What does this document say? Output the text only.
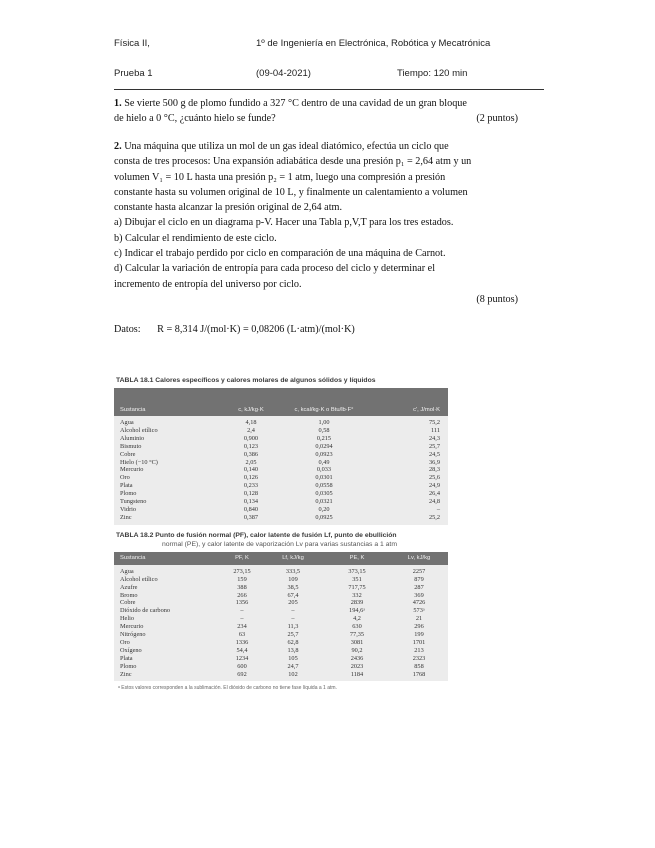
Física II,	1º de Ingeniería en Electrónica, Robótica y Mecatrónica
Prueba 1	(09-04-2021)	Tiempo: 120 min
1. Se vierte 500 g de plomo fundido a 327 °C dentro de una cavidad de un gran bloque
de hielo a 0 °C, ¿cuánto hielo se funde?	(2 puntos)
2. Una máquina que utiliza un mol de un gas ideal diatómico, efectúa un ciclo que
consta de tres procesos: Una expansión adiabática desde una presión p₁ = 2,64 atm y un
volumen V₁ = 10 L hasta una presión p₂ = 1 atm, luego una compresión a presión
constante hasta su volumen original de 10 L, y finalmente un calentamiento a volumen
constante hasta alcanzar la presión original de 2,64 atm.
a) Dibujar el ciclo en un diagrama p-V. Hacer una Tabla p,V,T para los tres estados.
b) Calcular el rendimiento de este ciclo.
c) Indicar el trabajo perdido por ciclo en comparación de una máquina de Carnot.
d) Calcular la variación de entropía para cada proceso del ciclo y determinar el
incremento de entropía del universo por ciclo.
(8 puntos)
Datos: R = 8,314 J/(mol·K) = 0,08206 (L·atm)/(mol·K)
TABLA 18.1 Calores específicos y calores molares de algunos sólidos y líquidos
Sustancia	c, kJ/kg·K	c, kcal/kg·K o Btu/lb·F°	c', J/mol·K
Agua	4,18	1,00	75,2
Alcohol etílico	2,4	0,58	111
Aluminio	0,900	0,215	24,3
Bismuto	0,123	0,0294	25,7
Cobre	0,386	0,0923	24,5
Hielo (−10 °C)	2,05	0,49	36,9
Mercurio	0,140	0,033	28,3
Oro	0,126	0,0301	25,6
Plata	0,233	0,0558	24,9
Plomo	0,128	0,0305	26,4
Tungsteno	0,134	0,0321	24,8
Vidrio	0,840	0,20	–
Zinc	0,387	0,0925	25,2
TABLA 18.2 Punto de fusión normal (PF), calor latente de fusión Lf, punto de ebullición
normal (PE), y calor latente de vaporización Lv para varias sustancias a 1 atm
Sustancia	PF, K	Lf, kJ/kg	PE, K	Lv, kJ/kg
Agua	273,15	333,5	373,15	2257
Alcohol etílico	159	109	351	879
Azufre	388	38,5	717,75	287
Bromo	266	67,4	332	369
Cobre	1356	205	2839	4726
Dióxido de carbono	–	–	194,6ᵃ	573ᵃ
Helio	–	–	4,2	21
Mercurio	234	11,3	630	296
Nitrógeno	63	25,7	77,35	199
Oro	1336	62,8	3081	1701
Oxígeno	54,4	13,8	90,2	213
Plata	1234	105	2436	2323
Plomo	600	24,7	2023	858
Zinc	692	102	1184	1768
ᵃ Estos valores corresponden a la sublimación. El dióxido de carbono no tiene fase líquida a 1 atm.
